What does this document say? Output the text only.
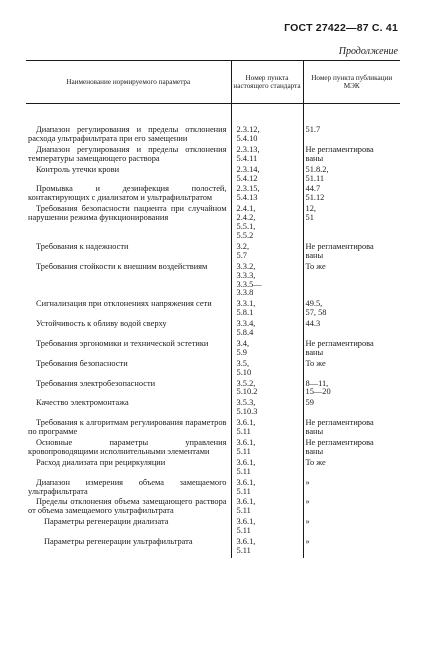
ГОСТ 27422—87 С. 41
Продолжение
Наименование нормируемого параметра	Номер пункта настоящего стандарта	Номер пункта публикации МЭК
Диапазон регулирования и пределы отклонения расхода ультрафильтрата при его замещении	2.3.12,
5.4.10	51.7

Диапазон регулирования и пределы отклонения температуры замещающего раствора	2.3.13,
5.4.11	Не регламентирова
ваны

Контроль утечки крови	2.3.14,
5.4.12	51.8.2,
51.11

Промывка и дезинфекция полостей, контактирующих с диализатом и ультрафильтратом	2.3.15,
5.4.13	44.7
51.12

Требования безопасности пациента при случайном нарушении режима функционирования	2.4.1,
2.4.2,
5.5.1,
5.5.2	12,
51

Требования к надежности	3.2,
5.7	Не регламентирова
ваны

Требования стойкости к внешним воздействиям	3.3.2,
3.3.3,
3.3.5—
3.3.8	То же

Сигнализация при отклонениях напряжения сети	3.3.1,
5.8.1	49.5,
57, 58

Устойчивость к обливу водой сверху	3.3.4,
5.8.4	44.3

Требования эргономики и технической эстетики	3.4,
5.9	Не регламентирова
ваны

Требования безопасности	3.5,
5.10	То же

Требования электробезопасности	3.5.2,
5.10.2	8—11,
15—20

Качество электромонтажа	3.5.3,
5.10.3	59

Требования к алгоритмам регулирования параметров по программе	3.6.1,
5.11	Не регламентирова
ваны

Основные параметры управления кровопроводящими исполнительными элементами	3.6.1,
5.11	Не регламентирова
ваны

Расход диализата при рециркуляции	3.6.1,
5.11	То же

Диапазон измерения объема замещаемого ультрафильтрата	3.6.1,
5.11	»

Пределы отклонения объема замещающего раствора от объема замещаемого ультрафильтрата	3.6.1,
5.11	»

Параметры регенерации диализата	3.6.1,
5.11	»

Параметры регенерации ультрафильтрата	3.6.1,
5.11	»
